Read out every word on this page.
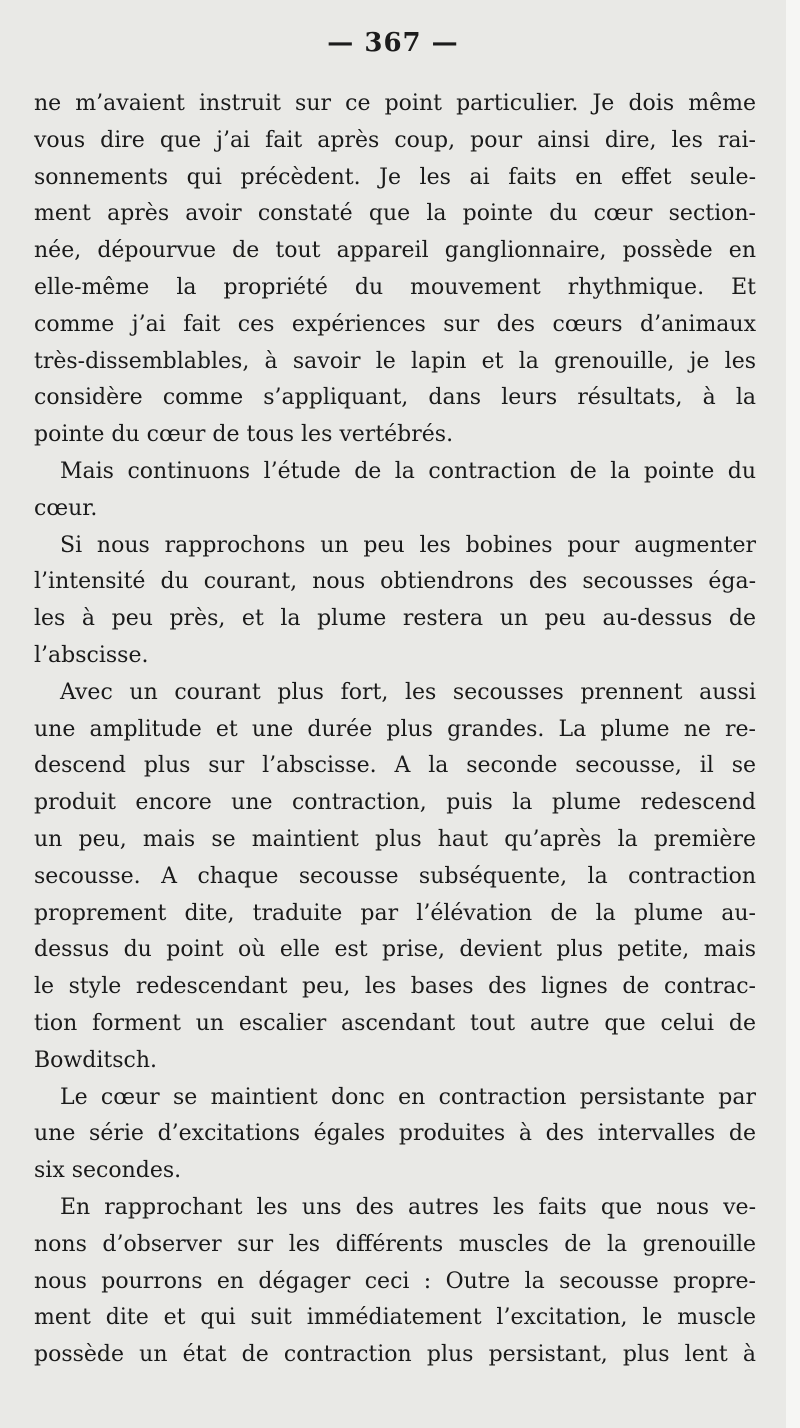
— 367 —
ne m’avaient instruit sur ce point particulier. Je dois même
vous dire que j’ai fait après coup, pour ainsi dire, les rai-
sonnements qui précèdent. Je les ai faits en effet seule-
ment après avoir constaté que la pointe du cœur section-
née, dépourvue de tout appareil ganglionnaire, possède en
elle-même la propriété du mouvement rhythmique. Et
comme j’ai fait ces expériences sur des cœurs d’animaux
très-dissemblables, à savoir le lapin et la grenouille, je les
considère comme s’appliquant, dans leurs résultats, à la
pointe du cœur de tous les vertébrés.
Mais continuons l’étude de la contraction de la pointe du
cœur.
Si nous rapprochons un peu les bobines pour augmenter
l’intensité du courant, nous obtiendrons des secousses éga-
les à peu près, et la plume restera un peu au-dessus de
l’abscisse.
Avec un courant plus fort, les secousses prennent aussi
une amplitude et une durée plus grandes. La plume ne re-
descend plus sur l’abscisse. A la seconde secousse, il se
produit encore une contraction, puis la plume redescend
un peu, mais se maintient plus haut qu’après la première
secousse. A chaque secousse subséquente, la contraction
proprement dite, traduite par l’élévation de la plume au-
dessus du point où elle est prise, devient plus petite, mais
le style redescendant peu, les bases des lignes de contrac-
tion forment un escalier ascendant tout autre que celui de
Bowditsch.
Le cœur se maintient donc en contraction persistante par
une série d’excitations égales produites à des intervalles de
six secondes.
En rapprochant les uns des autres les faits que nous ve-
nons d’observer sur les différents muscles de la grenouille
nous pourrons en dégager ceci : Outre la secousse propre-
ment dite et qui suit immédiatement l’excitation, le muscle
possède un état de contraction plus persistant, plus lent à
